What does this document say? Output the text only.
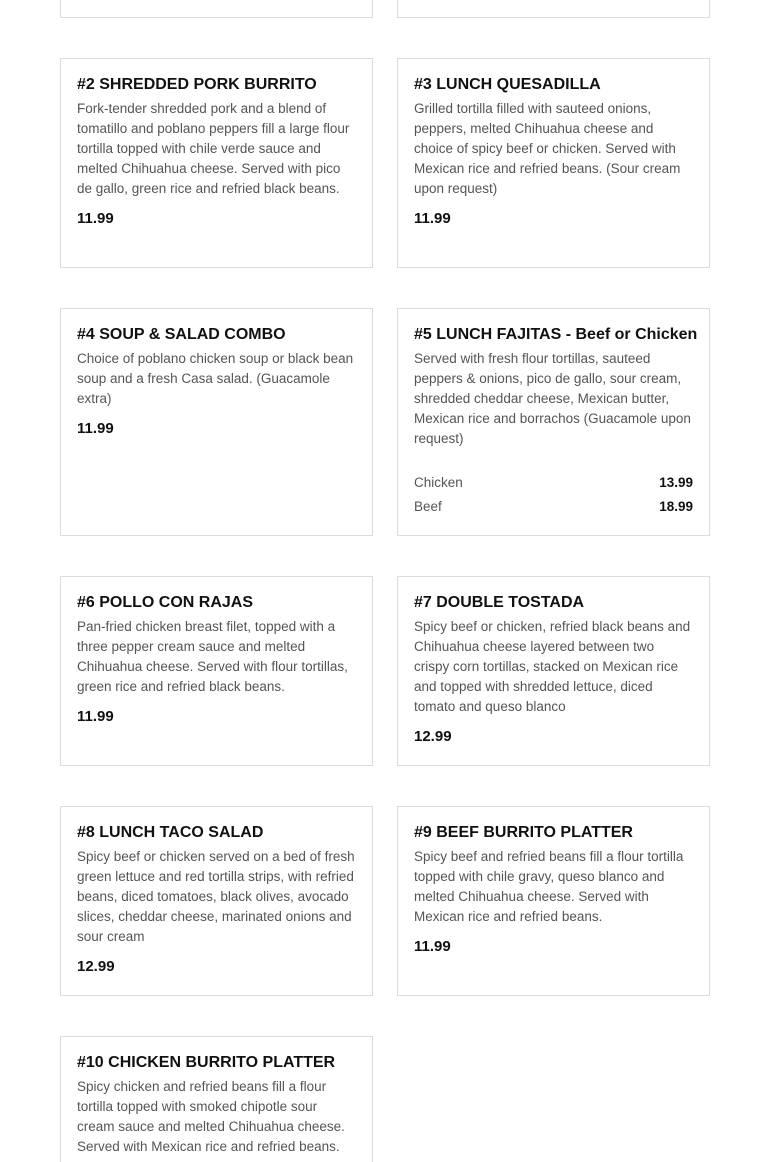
#2 SHREDDED PORK BURRITO

Fork-tender shredded pork and a blend of tomatillo and poblano peppers fill a large flour tortilla topped with chile verde sauce and melted Chihuahua cheese. Served with pico de gallo, green rice and refried black beans.

11.99
#3 LUNCH QUESADILLA

Grilled tortilla filled with sauteed onions, peppers, melted Chihuahua cheese and choice of spicy beef or chicken. Served with Mexican rice and refried beans. (Sour cream upon request)

11.99
#4 SOUP & SALAD COMBO

Choice of poblano chicken soup or black bean soup and a fresh Casa salad. (Guacamole extra)

11.99
#5 LUNCH FAJITAS - Beef or Chicken

Served with fresh flour tortillas, sauteed peppers & onions, pico de gallo, sour cream, shredded cheddar cheese, Mexican butter, Mexican rice and borrachos (Guacamole upon request)

Chicken	13.99
Beef	18.99
#6 POLLO CON RAJAS

Pan-fried chicken breast filet, topped with a three pepper cream sauce and melted Chihuahua cheese. Served with flour tortillas, green rice and refried black beans.

11.99
#7 DOUBLE TOSTADA

Spicy beef or chicken, refried black beans and Chihuahua cheese layered between two crispy corn tortillas, stacked on Mexican rice and topped with shredded lettuce, diced tomato and queso blanco

12.99
#8 LUNCH TACO SALAD

Spicy beef or chicken served on a bed of fresh green lettuce and red tortilla strips, with refried beans, diced tomatoes, black olives, avocado slices, cheddar cheese, marinated onions and sour cream

12.99
#9 BEEF BURRITO PLATTER

Spicy beef and refried beans fill a flour tortilla topped with chile gravy, queso blanco and melted Chihuahua cheese. Served with Mexican rice and refried beans.

11.99
#10 CHICKEN BURRITO PLATTER

Spicy chicken and refried beans fill a flour tortilla topped with smoked chipotle sour cream sauce and melted Chihuahua cheese. Served with Mexican rice and refried beans.
